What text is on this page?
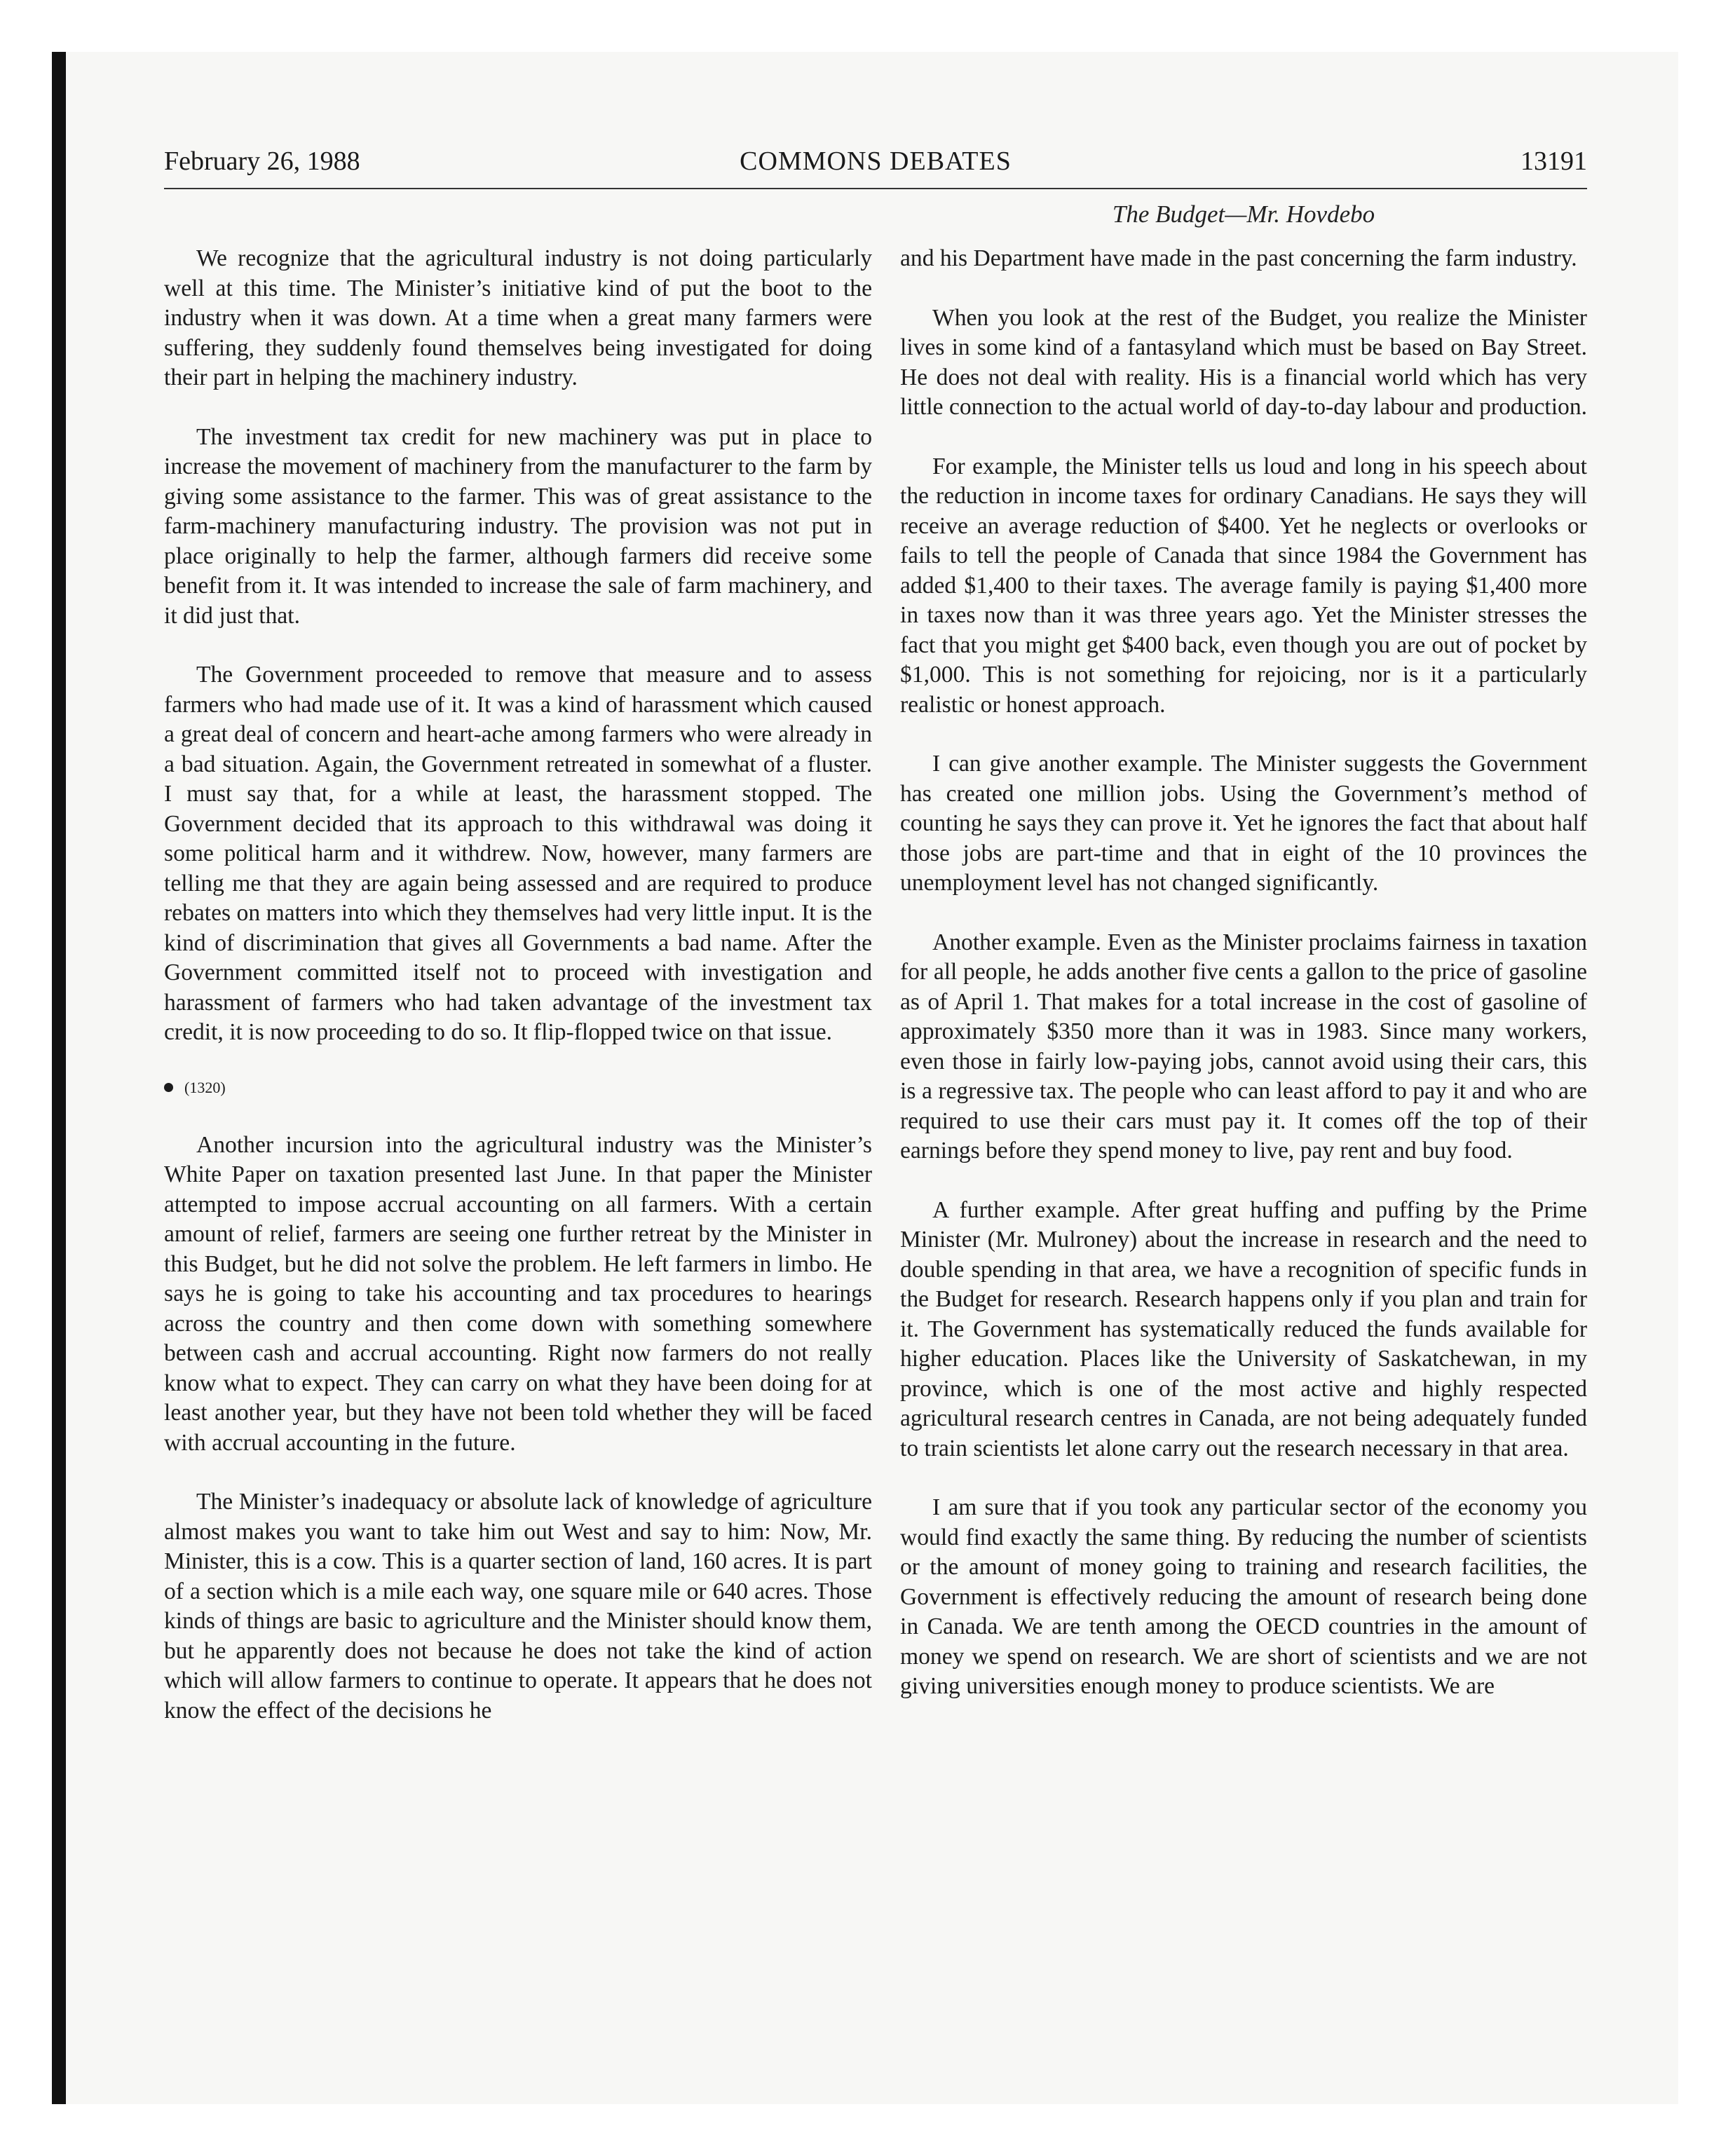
February 26, 1988	COMMONS DEBATES	13191
The Budget—Mr. Hovdebo

We recognize that the agricultural industry is not doing particularly well at this time. The Minister’s initiative kind of put the boot to the industry when it was down. At a time when a great many farmers were suffering, they suddenly found themselves being investigated for doing their part in helping the machinery industry.

The investment tax credit for new machinery was put in place to increase the movement of machinery from the manufacturer to the farm by giving some assistance to the farmer. This was of great assistance to the farm-machinery manufacturing industry. The provision was not put in place originally to help the farmer, although farmers did receive some benefit from it. It was intended to increase the sale of farm machinery, and it did just that.

The Government proceeded to remove that measure and to assess farmers who had made use of it. It was a kind of harassment which caused a great deal of concern and heart-ache among farmers who were already in a bad situation. Again, the Government retreated in somewhat of a fluster. I must say that, for a while at least, the harassment stopped. The Government decided that its approach to this withdrawal was doing it some political harm and it withdrew. Now, however, many farmers are telling me that they are again being assessed and are required to produce rebates on matters into which they themselves had very little input. It is the kind of discrimination that gives all Governments a bad name. After the Government committed itself not to proceed with investigation and harassment of farmers who had taken advantage of the investment tax credit, it is now proceeding to do so. It flip-flopped twice on that issue.

(1320)

Another incursion into the agricultural industry was the Minister’s White Paper on taxation presented last June. In that paper the Minister attempted to impose accrual accounting on all farmers. With a certain amount of relief, farmers are seeing one further retreat by the Minister in this Budget, but he did not solve the problem. He left farmers in limbo. He says he is going to take his accounting and tax procedures to hearings across the country and then come down with something somewhere between cash and accrual accounting. Right now farmers do not really know what to expect. They can carry on what they have been doing for at least another year, but they have not been told whether they will be faced with accrual accounting in the future.

The Minister’s inadequacy or absolute lack of knowledge of agriculture almost makes you want to take him out West and say to him: Now, Mr. Minister, this is a cow. This is a quarter section of land, 160 acres. It is part of a section which is a mile each way, one square mile or 640 acres. Those kinds of things are basic to agriculture and the Minister should know them, but he apparently does not because he does not take the kind of action which will allow farmers to continue to operate. It appears that he does not know the effect of the decisions he

and his Department have made in the past concerning the farm industry.

When you look at the rest of the Budget, you realize the Minister lives in some kind of a fantasyland which must be based on Bay Street. He does not deal with reality. His is a financial world which has very little connection to the actual world of day-to-day labour and production.

For example, the Minister tells us loud and long in his speech about the reduction in income taxes for ordinary Canadians. He says they will receive an average reduction of $400. Yet he neglects or overlooks or fails to tell the people of Canada that since 1984 the Government has added $1,400 to their taxes. The average family is paying $1,400 more in taxes now than it was three years ago. Yet the Minister stresses the fact that you might get $400 back, even though you are out of pocket by $1,000. This is not something for rejoicing, nor is it a particularly realistic or honest approach.

I can give another example. The Minister suggests the Government has created one million jobs. Using the Government’s method of counting he says they can prove it. Yet he ignores the fact that about half those jobs are part-time and that in eight of the 10 provinces the unemployment level has not changed significantly.

Another example. Even as the Minister proclaims fairness in taxation for all people, he adds another five cents a gallon to the price of gasoline as of April 1. That makes for a total increase in the cost of gasoline of approximately $350 more than it was in 1983. Since many workers, even those in fairly low-paying jobs, cannot avoid using their cars, this is a regressive tax. The people who can least afford to pay it and who are required to use their cars must pay it. It comes off the top of their earnings before they spend money to live, pay rent and buy food.

A further example. After great huffing and puffing by the Prime Minister (Mr. Mulroney) about the increase in research and the need to double spending in that area, we have a recognition of specific funds in the Budget for research. Research happens only if you plan and train for it. The Government has systematically reduced the funds available for higher education. Places like the University of Saskatchewan, in my province, which is one of the most active and highly respected agricultural research centres in Canada, are not being adequately funded to train scientists let alone carry out the research necessary in that area.

I am sure that if you took any particular sector of the economy you would find exactly the same thing. By reducing the number of scientists or the amount of money going to training and research facilities, the Government is effectively reducing the amount of research being done in Canada. We are tenth among the OECD countries in the amount of money we spend on research. We are short of scientists and we are not giving universities enough money to produce scientists. We are
